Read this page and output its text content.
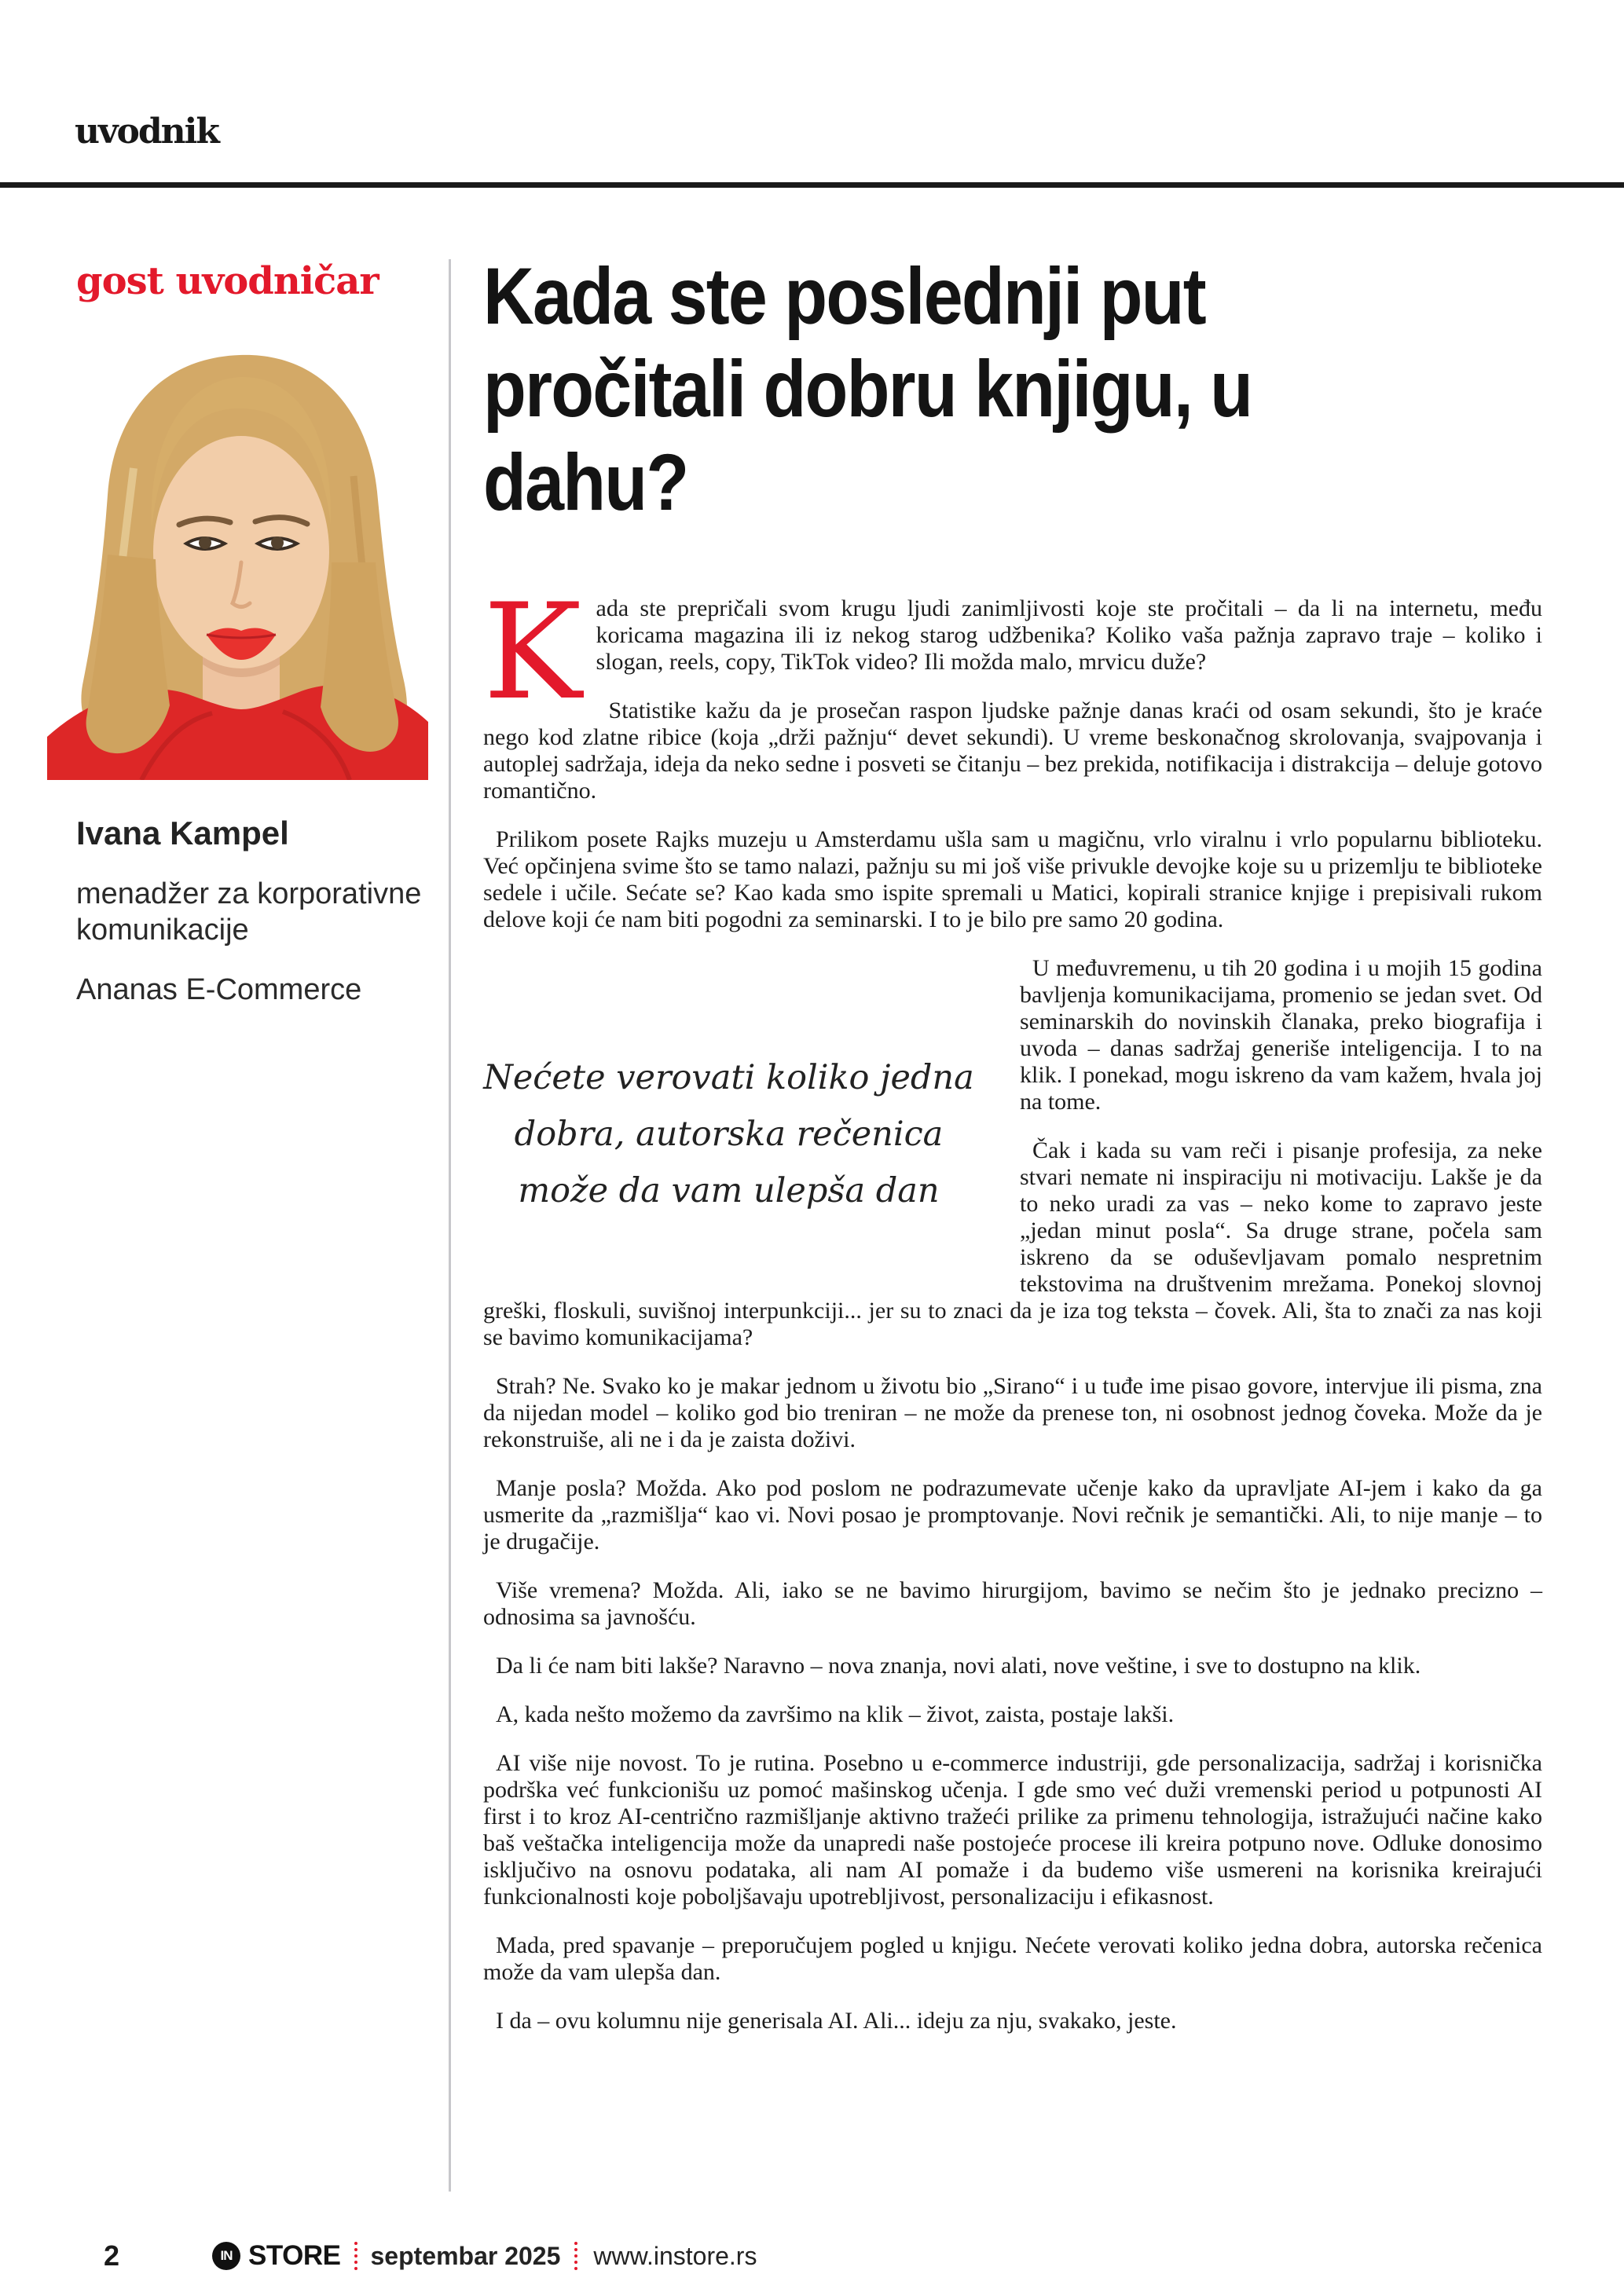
uvodnik
gost uvodničar
Ivana Kampel
menadžer za korporativne komunikacije
Ananas E-Commerce
Kada ste poslednji put pročitali dobru knjigu, u dahu?

Kada ste prepričali svom krugu ljudi zanimljivosti koje ste pročitali – da li na internetu, među koricama magazina ili iz nekog starog udžbenika? Koliko vaša pažnja zapravo traje – koliko i slogan, reels, copy, TikTok video? Ili možda malo, mrvicu duže?

Statistike kažu da je prosečan raspon ljudske pažnje danas kraći od osam sekundi, što je kraće nego kod zlatne ribice (koja „drži pažnju“ devet sekundi). U vreme beskonačnog skrolovanja, svajpovanja i autoplej sadržaja, ideja da neko sedne i posveti se čitanju – bez prekida, notifikacija i distrakcija – deluje gotovo romantično.

Prilikom posete Rajks muzeju u Amsterdamu ušla sam u magičnu, vrlo viralnu i vrlo popularnu biblioteku. Već opčinjena svime što se tamo nalazi, pažnju su mi još više privukle devojke koje su u prizemlju te biblioteke sedele i učile. Sećate se? Kao kada smo ispite spremali u Matici, kopirali stranice knjige i prepisivali rukom delove koji će nam biti pogodni za seminarski. I to je bilo pre samo 20 godina.

Nećete verovati koliko jedna dobra, autorska rečenica može da vam ulepša dan

U međuvremenu, u tih 20 godina i u mojih 15 godina bavljenja komunikacijama, promenio se jedan svet. Od seminarskih do novinskih članaka, preko biografija i uvoda – danas sadržaj generiše inteligencija. I to na klik. I ponekad, mogu iskreno da vam kažem, hvala joj na tome.

Čak i kada su vam reči i pisanje profesija, za neke stvari nemate ni inspiraciju ni motivaciju. Lakše je da to neko uradi za vas – neko kome to zapravo jeste „jedan minut posla“. Sa druge strane, počela sam iskreno da se oduševljavam pomalo nespretnim tekstovima na društvenim mrežama. Ponekoj slovnoj greški, floskuli, suvišnoj interpunkciji... jer su to znaci da je iza tog teksta – čovek. Ali, šta to znači za nas koji se bavimo komunikacijama?

Strah? Ne. Svako ko je makar jednom u životu bio „Sirano“ i u tuđe ime pisao govore, intervjue ili pisma, zna da nijedan model – koliko god bio treniran – ne može da prenese ton, ni osobnost jednog čoveka. Može da je rekonstruiše, ali ne i da je zaista doživi.

Manje posla? Možda. Ako pod poslom ne podrazumevate učenje kako da upravljate AI-jem i kako da ga usmerite da „razmišlja“ kao vi. Novi posao je promptovanje. Novi rečnik je semantički. Ali, to nije manje – to je drugačije.

Više vremena? Možda. Ali, iako se ne bavimo hirurgijom, bavimo se nečim što je jednako precizno – odnosima sa javnošću.

Da li će nam biti lakše? Naravno – nova znanja, novi alati, nove veštine, i sve to dostupno na klik.

A, kada nešto možemo da završimo na klik – život, zaista, postaje lakši.

AI više nije novost. To je rutina. Posebno u e-commerce industriji, gde personalizacija, sadržaj i korisnička podrška već funkcionišu uz pomoć mašinskog učenja. I gde smo već duži vremenski period u potpunosti AI first i to kroz AI-centrično razmišljanje aktivno tražeći prilike za primenu tehnologija, istražujući načine kako baš veštačka inteligencija može da unapredi naše postojeće procese ili kreira potpuno nove. Odluke donosimo isključivo na osnovu podataka, ali nam AI pomaže i da budemo više usmereni na korisnika kreirajući funkcionalnosti koje poboljšavaju upotrebljivost, personalizaciju i efikasnost.

Mada, pred spavanje – preporučujem pogled u knjigu. Nećete verovati koliko jedna dobra, autorska rečenica može da vam ulepša dan.

I da – ovu kolumnu nije generisala AI. Ali... ideju za nju, svakako, jeste.

2	IN STORE septembar 2025 www.instore.rs
